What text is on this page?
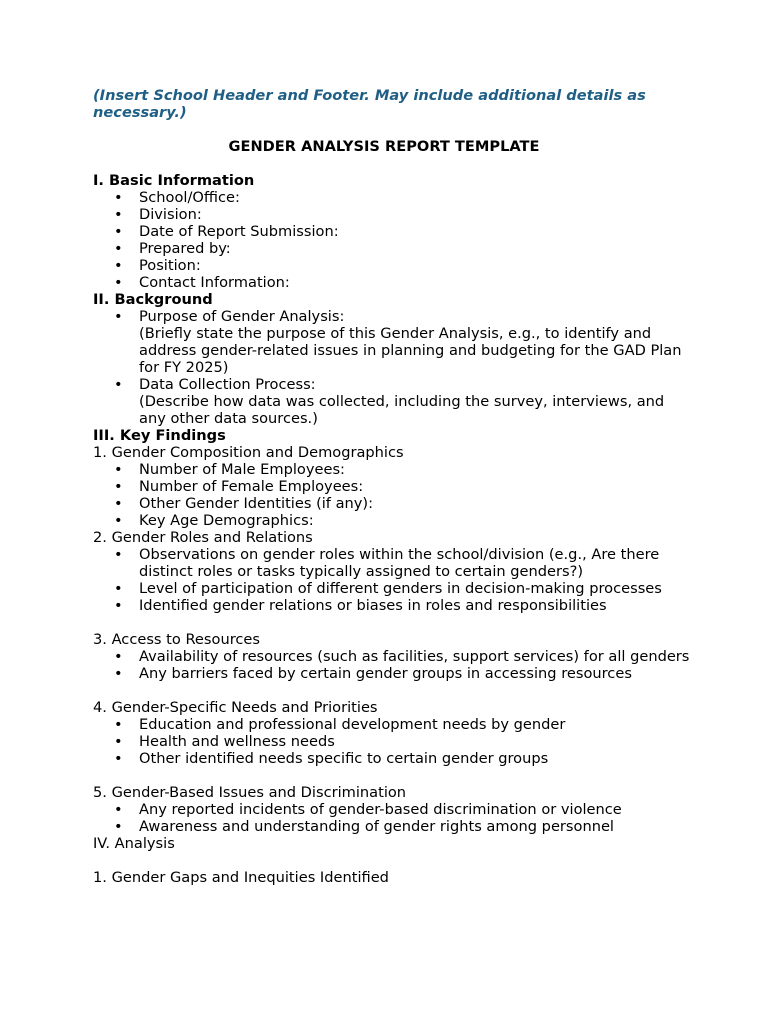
(Insert School Header and Footer. May include additional details as necessary.)

GENDER ANALYSIS REPORT TEMPLATE

I. Basic Information

• School/Office:
• Division:
• Date of Report Submission:
• Prepared by:
• Position:
• Contact Information:

II. Background

• Purpose of Gender Analysis:
(Briefly state the purpose of this Gender Analysis, e.g., to identify and address gender-related issues in planning and budgeting for the GAD Plan for FY 2025)
• Data Collection Process:
(Describe how data was collected, including the survey, interviews, and any other data sources.)

III. Key Findings

1. Gender Composition and Demographics

• Number of Male Employees:
• Number of Female Employees:
• Other Gender Identities (if any):
• Key Age Demographics:

2. Gender Roles and Relations

• Observations on gender roles within the school/division (e.g., Are there distinct roles or tasks typically assigned to certain genders?)
• Level of participation of different genders in decision-making processes
• Identified gender relations or biases in roles and responsibilities

3. Access to Resources

• Availability of resources (such as facilities, support services) for all genders
• Any barriers faced by certain gender groups in accessing resources

4. Gender-Specific Needs and Priorities

• Education and professional development needs by gender
• Health and wellness needs
• Other identified needs specific to certain gender groups

5. Gender-Based Issues and Discrimination

• Any reported incidents of gender-based discrimination or violence
• Awareness and understanding of gender rights among personnel

IV. Analysis

1. Gender Gaps and Inequities Identified
